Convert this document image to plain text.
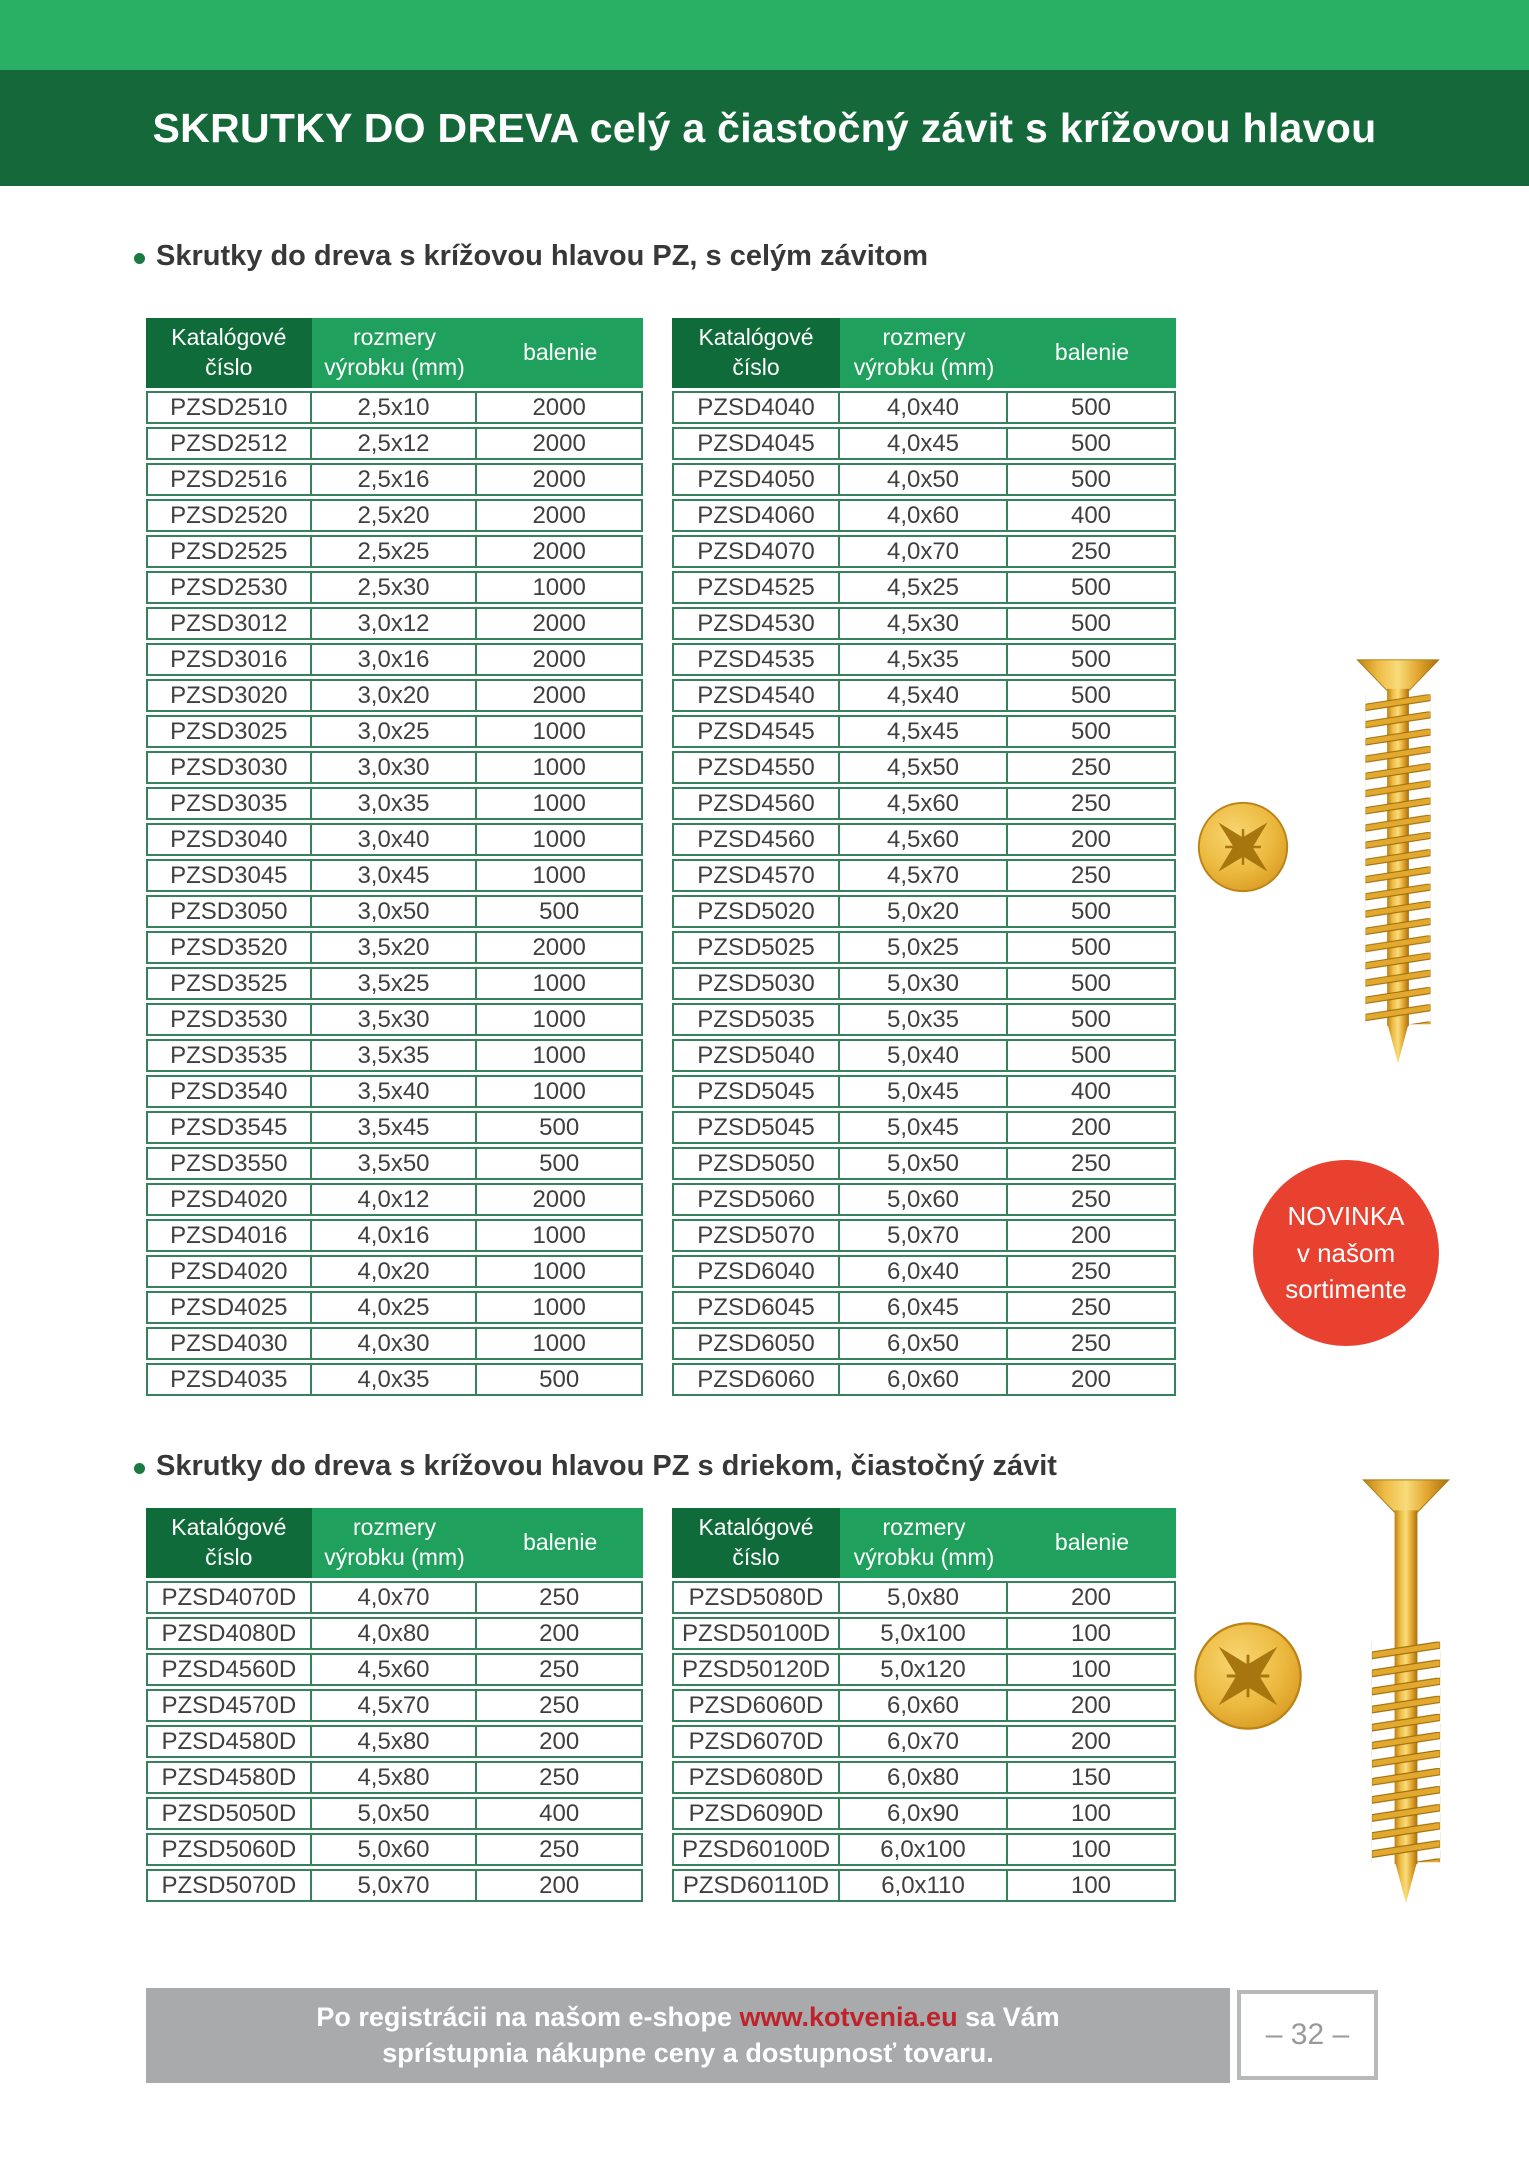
SKRUTKY DO DREVA celý a čiastočný závit s krížovou hlavou
Skrutky do dreva s krížovou hlavou PZ, s celým závitom
Katalógové číslo	rozmery výrobku (mm)	balenie
PZSD2510	2,5x10	2000
PZSD2512	2,5x12	2000
PZSD2516	2,5x16	2000
PZSD2520	2,5x20	2000
PZSD2525	2,5x25	2000
PZSD2530	2,5x30	1000
PZSD3012	3,0x12	2000
PZSD3016	3,0x16	2000
PZSD3020	3,0x20	2000
PZSD3025	3,0x25	1000
PZSD3030	3,0x30	1000
PZSD3035	3,0x35	1000
PZSD3040	3,0x40	1000
PZSD3045	3,0x45	1000
PZSD3050	3,0x50	500
PZSD3520	3,5x20	2000
PZSD3525	3,5x25	1000
PZSD3530	3,5x30	1000
PZSD3535	3,5x35	1000
PZSD3540	3,5x40	1000
PZSD3545	3,5x45	500
PZSD3550	3,5x50	500
PZSD4020	4,0x12	2000
PZSD4016	4,0x16	1000
PZSD4020	4,0x20	1000
PZSD4025	4,0x25	1000
PZSD4030	4,0x30	1000
PZSD4035	4,0x35	500
Katalógové číslo	rozmery výrobku (mm)	balenie
PZSD4040	4,0x40	500
PZSD4045	4,0x45	500
PZSD4050	4,0x50	500
PZSD4060	4,0x60	400
PZSD4070	4,0x70	250
PZSD4525	4,5x25	500
PZSD4530	4,5x30	500
PZSD4535	4,5x35	500
PZSD4540	4,5x40	500
PZSD4545	4,5x45	500
PZSD4550	4,5x50	250
PZSD4560	4,5x60	250
PZSD4560	4,5x60	200
PZSD4570	4,5x70	250
PZSD5020	5,0x20	500
PZSD5025	5,0x25	500
PZSD5030	5,0x30	500
PZSD5035	5,0x35	500
PZSD5040	5,0x40	500
PZSD5045	5,0x45	400
PZSD5045	5,0x45	200
PZSD5050	5,0x50	250
PZSD5060	5,0x60	250
PZSD5070	5,0x70	200
PZSD6040	6,0x40	250
PZSD6045	6,0x45	250
PZSD6050	6,0x50	250
PZSD6060	6,0x60	200
Skrutky do dreva s krížovou hlavou PZ s driekom, čiastočný závit
Katalógové číslo	rozmery výrobku (mm)	balenie
PZSD4070D	4,0x70	250
PZSD4080D	4,0x80	200
PZSD4560D	4,5x60	250
PZSD4570D	4,5x70	250
PZSD4580D	4,5x80	200
PZSD4580D	4,5x80	250
PZSD5050D	5,0x50	400
PZSD5060D	5,0x60	250
PZSD5070D	5,0x70	200
Katalógové číslo	rozmery výrobku (mm)	balenie
PZSD5080D	5,0x80	200
PZSD50100D	5,0x100	100
PZSD50120D	5,0x120	100
PZSD6060D	6,0x60	200
PZSD6070D	6,0x70	200
PZSD6080D	6,0x80	150
PZSD6090D	6,0x90	100
PZSD60100D	6,0x100	100
PZSD60110D	6,0x110	100
NOVINKA
v našom
sortimente
Po registrácii na našom e-shope www.kotvenia.eu sa Vám
sprístupnia nákupne ceny a dostupnosť tovaru.
– 32 –
